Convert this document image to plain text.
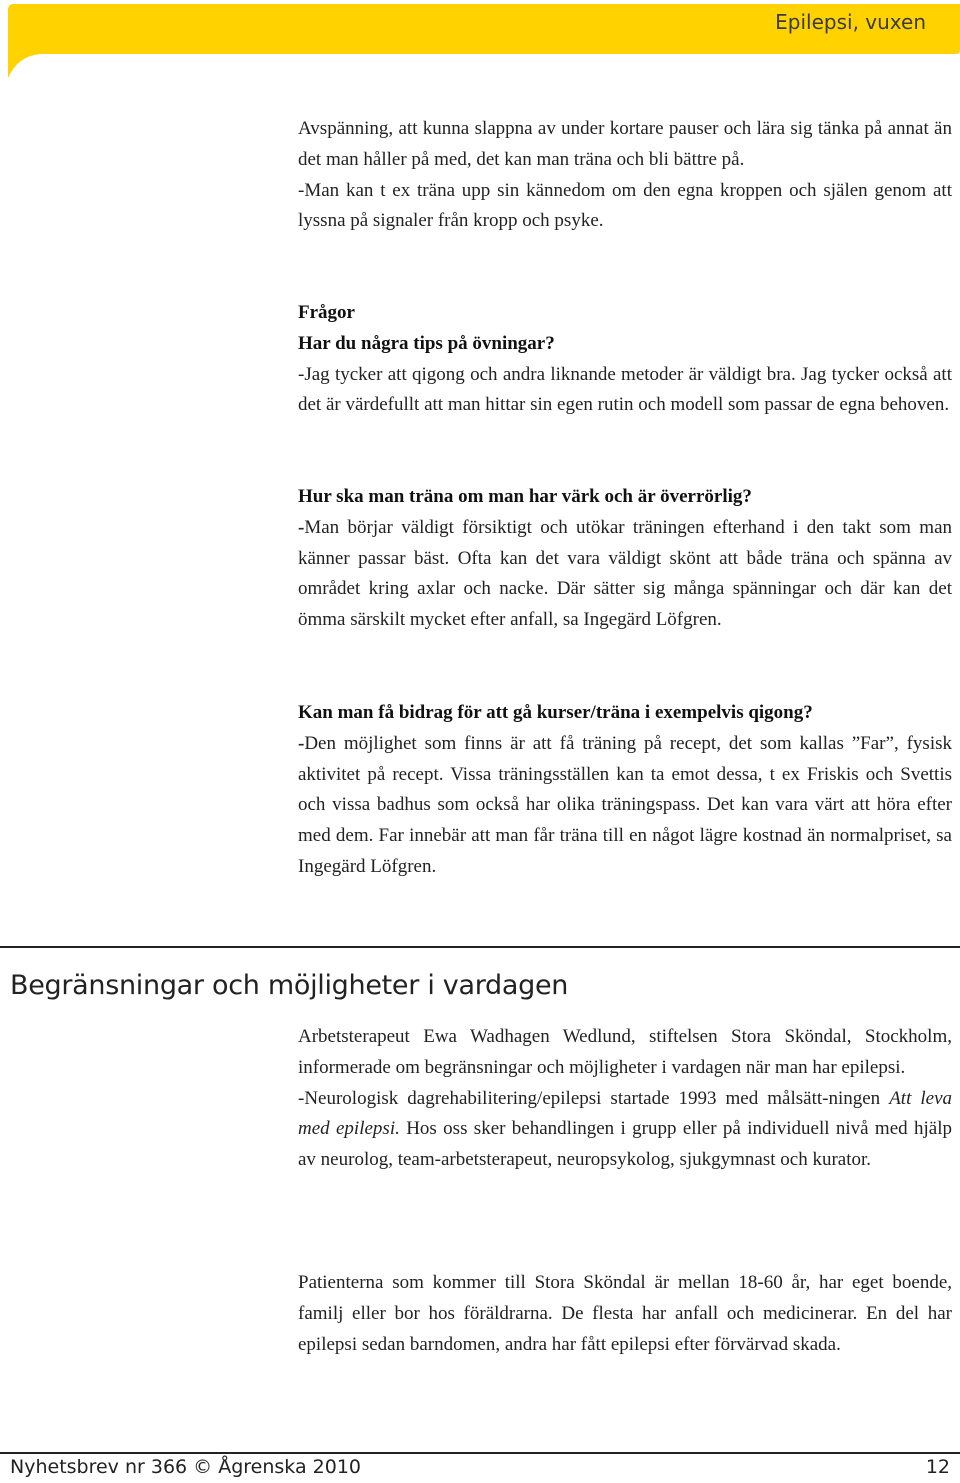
Epilepsi, vuxen

Avspänning, att kunna slappna av under kortare pauser och lära sig tänka på annat än det man håller på med, det kan man träna och bli bättre på.

-Man kan t ex träna upp sin kännedom om den egna kroppen och själen genom att lyssna på signaler från kropp och psyke.

Frågor

Har du några tips på övningar?

-Jag tycker att qigong och andra liknande metoder är väldigt bra. Jag tycker också att det är värdefullt att man hittar sin egen rutin och modell som passar de egna behoven.

Hur ska man träna om man har värk och är överrörlig?

-Man börjar väldigt försiktigt och utökar träningen efterhand i den takt som man känner passar bäst. Ofta kan det vara väldigt skönt att både träna och spänna av området kring axlar och nacke. Där sätter sig många spänningar och där kan det ömma särskilt mycket efter anfall, sa Ingegärd Löfgren.

Kan man få bidrag för att gå kurser/träna i exempelvis qigong?

-Den möjlighet som finns är att få träning på recept, det som kallas ”Far”, fysisk aktivitet på recept. Vissa träningsställen kan ta emot dessa, t ex Friskis och Svettis och vissa badhus som också har olika träningspass. Det kan vara värt att höra efter med dem. Far innebär att man får träna till en något lägre kostnad än normalpriset, sa Ingegärd Löfgren.

Begränsningar och möjligheter i vardagen

Arbetsterapeut Ewa Wadhagen Wedlund, stiftelsen Stora Sköndal, Stockholm, informerade om begränsningar och möjligheter i vardagen när man har epilepsi.

-Neurologisk dagrehabilitering/epilepsi startade 1993 med målsätt-ningen Att leva med epilepsi. Hos oss sker behandlingen i grupp eller på individuell nivå med hjälp av neurolog, team-arbetsterapeut, neuropsykolog, sjukgymnast och kurator.

Patienterna som kommer till Stora Sköndal är mellan 18-60 år, har eget boende, familj eller bor hos föräldrarna. De flesta har anfall och medicinerar. En del har epilepsi sedan barndomen, andra har fått epilepsi efter förvärvad skada.

Nyhetsbrev nr 366 © Ågrenska 2010	12
